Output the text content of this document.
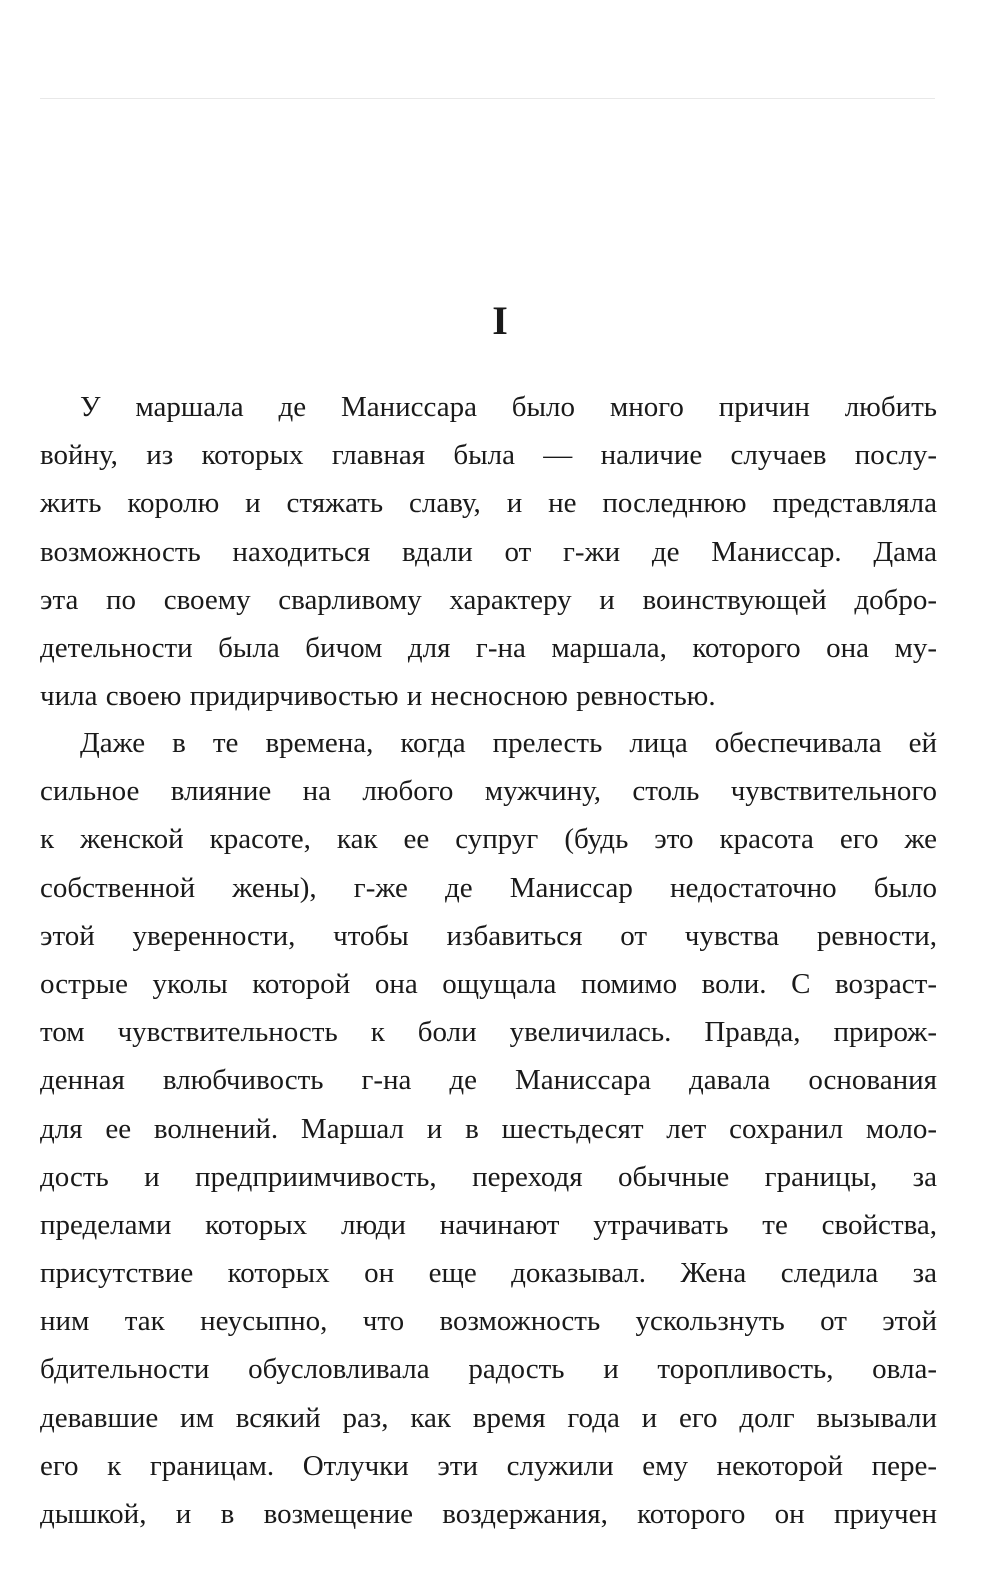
I
У маршала де Маниссара было много причин любить
войну, из которых главная была — наличие случаев послу-
жить королю и стяжать славу, и не последнюю представляла
возможность находиться вдали от г-жи де Маниссар. Дама
эта по своему сварливому характеру и воинствующей добро-
детельности была бичом для г-на маршала, которого она му-
чила своею придирчивостью и несносною ревностью.
Даже в те времена, когда прелесть лица обеспечивала ей
сильное влияние на любого мужчину, столь чувствительного
к женской красоте, как ее супруг (будь это красота его же
собственной жены), г-же де Маниссар недостаточно было
этой уверенности, чтобы избавиться от чувства ревности,
острые уколы которой она ощущала помимо воли. С возраст-
том чувствительность к боли увеличилась. Правда, прирож-
денная влюбчивость г-на де Маниссара давала основания
для ее волнений. Маршал и в шестьдесят лет сохранил моло-
дость и предприимчивость, переходя обычные границы, за
пределами которых люди начинают утрачивать те свойства,
присутствие которых он еще доказывал. Жена следила за
ним так неусыпно, что возможность ускользнуть от этой
бдительности обусловливала радость и торопливость, овла-
девавшие им всякий раз, как время года и его долг вызывали
его к границам. Отлучки эти служили ему некоторой пере-
дышкой, и в возмещение воздержания, которого он приучен
